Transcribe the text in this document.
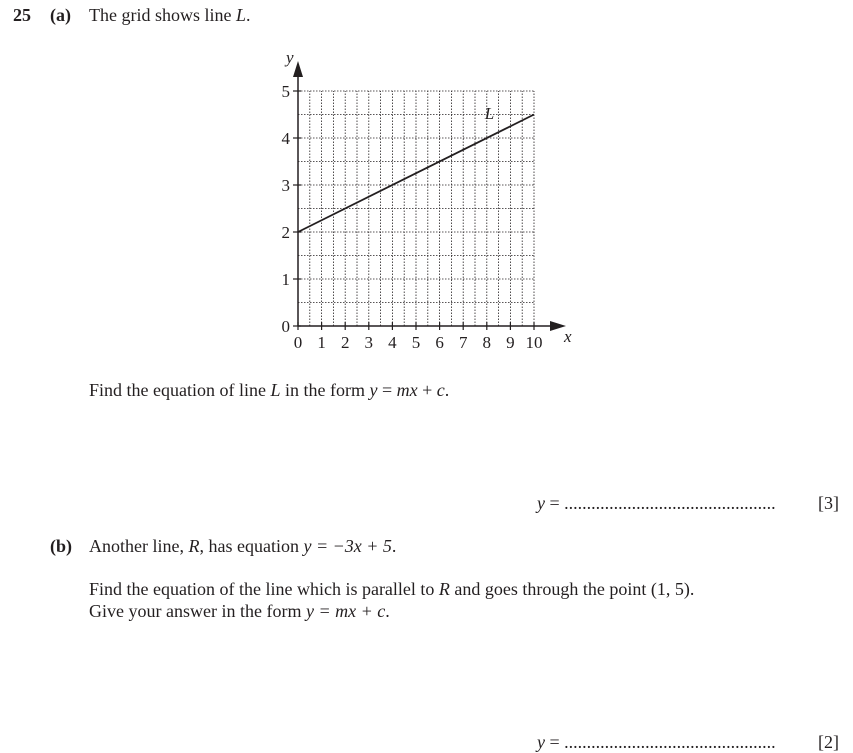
25 (a) The grid shows line L.
0 1 2 3 4 5 6 7 8 9 10
0
1
2
3
4
5
x
y
L
Find the equation of line L in the form y = mx + c.
y = ............................................... [3]
(b) Another line, R, has equation y = −3x + 5.
Find the equation of the line which is parallel to R and goes through the point (1, 5).
Give your answer in the form y = mx + c.
y = ............................................... [2]
